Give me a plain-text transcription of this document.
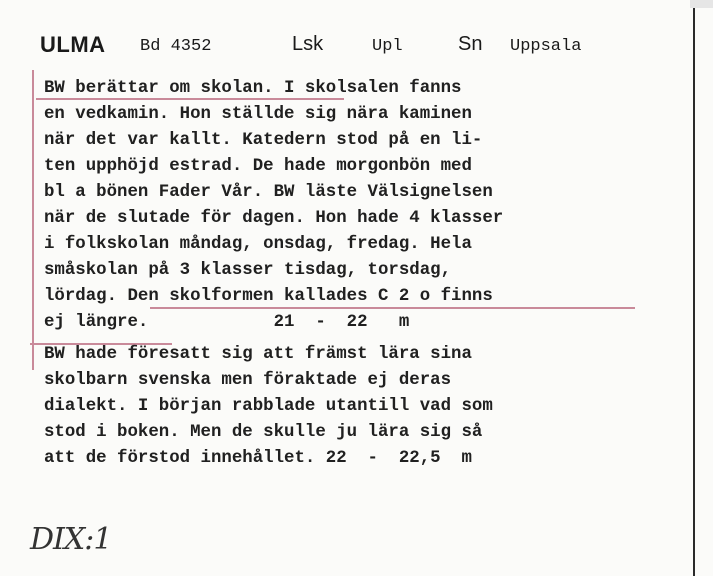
ULMA Bd 4352	Lsk	Upl	Sn Uppsala
BW berättar om skolan. I skolsalen fanns
en vedkamin. Hon ställde sig nära kaminen
när det var kallt. Katedern stod på en li-
ten upphöjd estrad. De hade morgonbön med
bl a bönen Fader Vår. BW läste Välsignelsen
när de slutade för dagen. Hon hade 4 klasser
i folkskolan måndag, onsdag, fredag. Hela
småskolan på 3 klasser tisdag, torsdag,
lördag. Den skolformen kallades C 2 o finns
ej längre.            21  -  22   m
BW hade föresatt sig att främst lära sina
skolbarn svenska men föraktade ej deras
dialekt. I början rabblade utantill vad som
stod i boken. Men de skulle ju lära sig så
att de förstod innehållet. 22  -  22,5  m
DIX:1
